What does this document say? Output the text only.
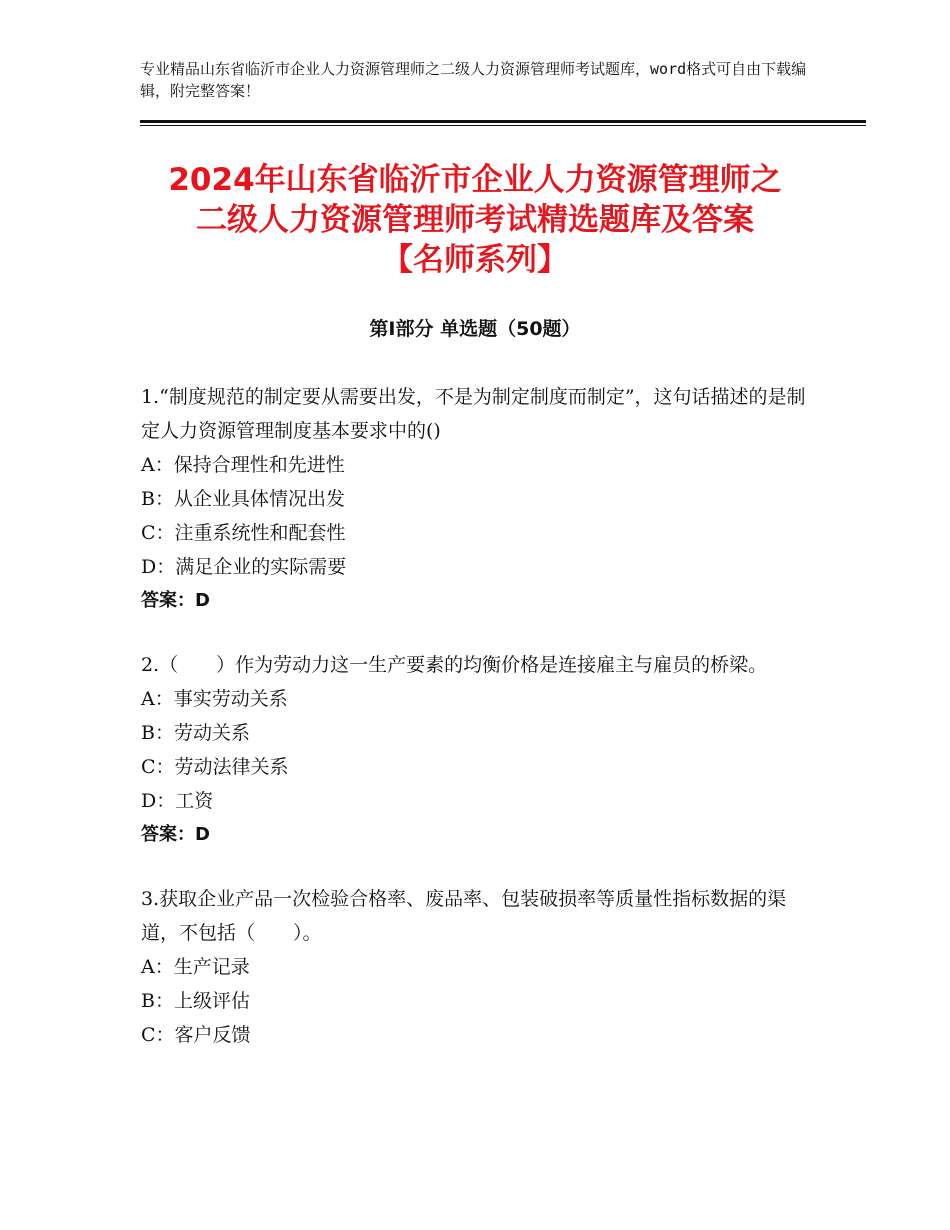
专业精品山东省临沂市企业人力资源管理师之二级人力资源管理师考试题库，word格式可自由下载编辑，附完整答案！
2024年山东省临沂市企业人力资源管理师之
二级人力资源管理师考试精选题库及答案
【名师系列】
第Ⅰ部分 单选题（50题）

1.“制度规范的制定要从需要出发，不是为制定制度而制定”，这句话描述的是制定人力资源管理制度基本要求中的()

A：保持合理性和先进性

B：从企业具体情况出发

C：注重系统性和配套性

D：满足企业的实际需要

答案：D

2.（　　）作为劳动力这一生产要素的均衡价格是连接雇主与雇员的桥梁。

A：事实劳动关系

B：劳动关系

C：劳动法律关系

D：工资

答案：D

3.获取企业产品一次检验合格率、废品率、包装破损率等质量性指标数据的渠道，不包括（　　）。

A：生产记录

B：上级评估

C：客户反馈
